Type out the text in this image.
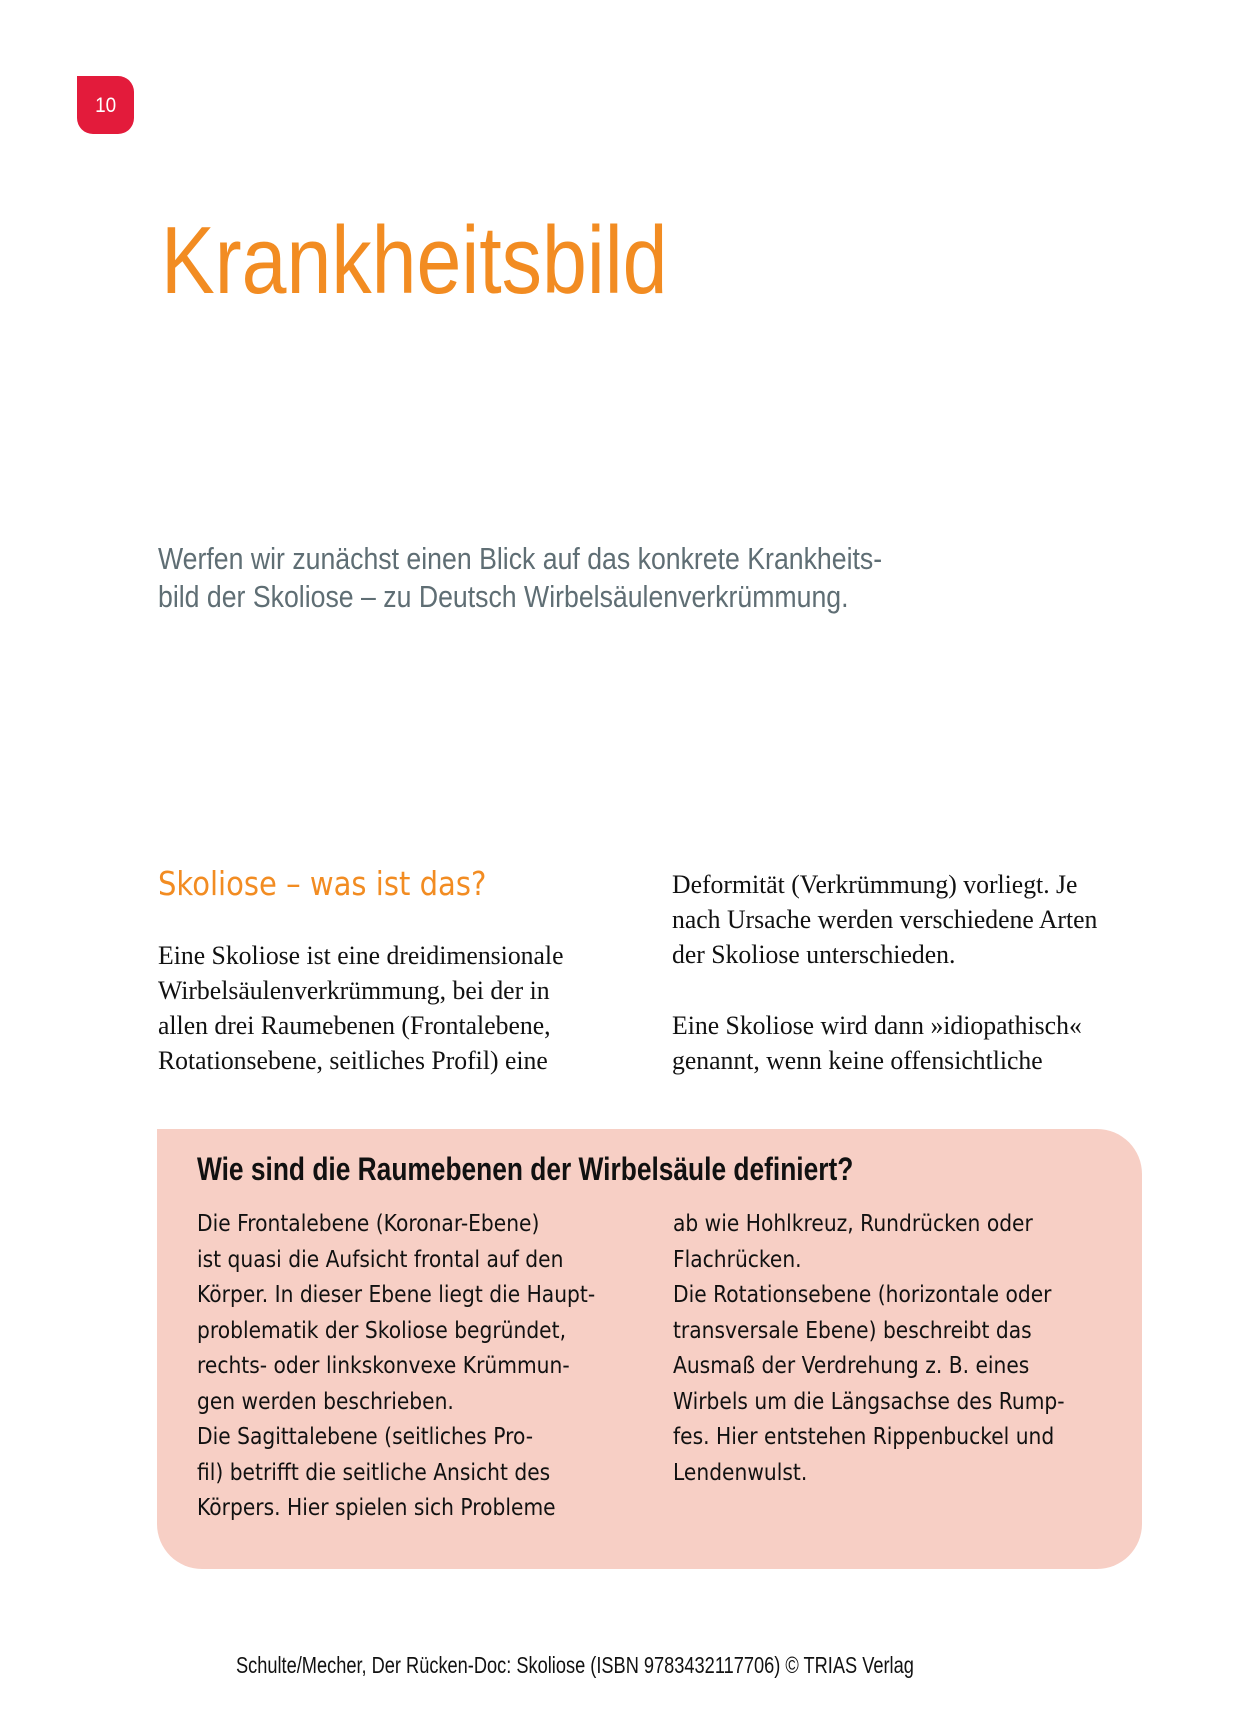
10
Krankheitsbild
Werfen wir zunächst einen Blick auf das konkrete Krankheits-
bild der Skoliose – zu Deutsch Wirbelsäulenverkrümmung.
Skoliose – was ist das?
Eine Skoliose ist eine dreidimensionale
Wirbelsäulenverkrümmung, bei der in
allen drei Raumebenen (Frontalebene,
Rotationsebene, seitliches Profil) eine
Deformität (Verkrümmung) vorliegt. Je
nach Ursache werden verschiedene Arten
der Skoliose unterschieden.
Eine Skoliose wird dann »idiopathisch«
genannt, wenn keine offensichtliche
Wie sind die Raumebenen der Wirbelsäule definiert?
Die Frontalebene (Koronar-Ebene)
ist quasi die Aufsicht frontal auf den
Körper. In dieser Ebene liegt die Haupt-
problematik der Skoliose begründet,
rechts- oder linkskonvexe Krümmun-
gen werden beschrieben.
Die Sagittalebene (seitliches Pro-
fil) betrifft die seitliche Ansicht des
Körpers. Hier spielen sich Probleme
ab wie Hohlkreuz, Rundrücken oder
Flachrücken.
Die Rotationsebene (horizontale oder
transversale Ebene) beschreibt das
Ausmaß der Verdrehung z. B. eines
Wirbels um die Längsachse des Rump-
fes. Hier entstehen Rippenbuckel und
Lendenwulst.
Schulte/Mecher, Der Rücken-Doc: Skoliose (ISBN 9783432117706) © TRIAS Verlag
